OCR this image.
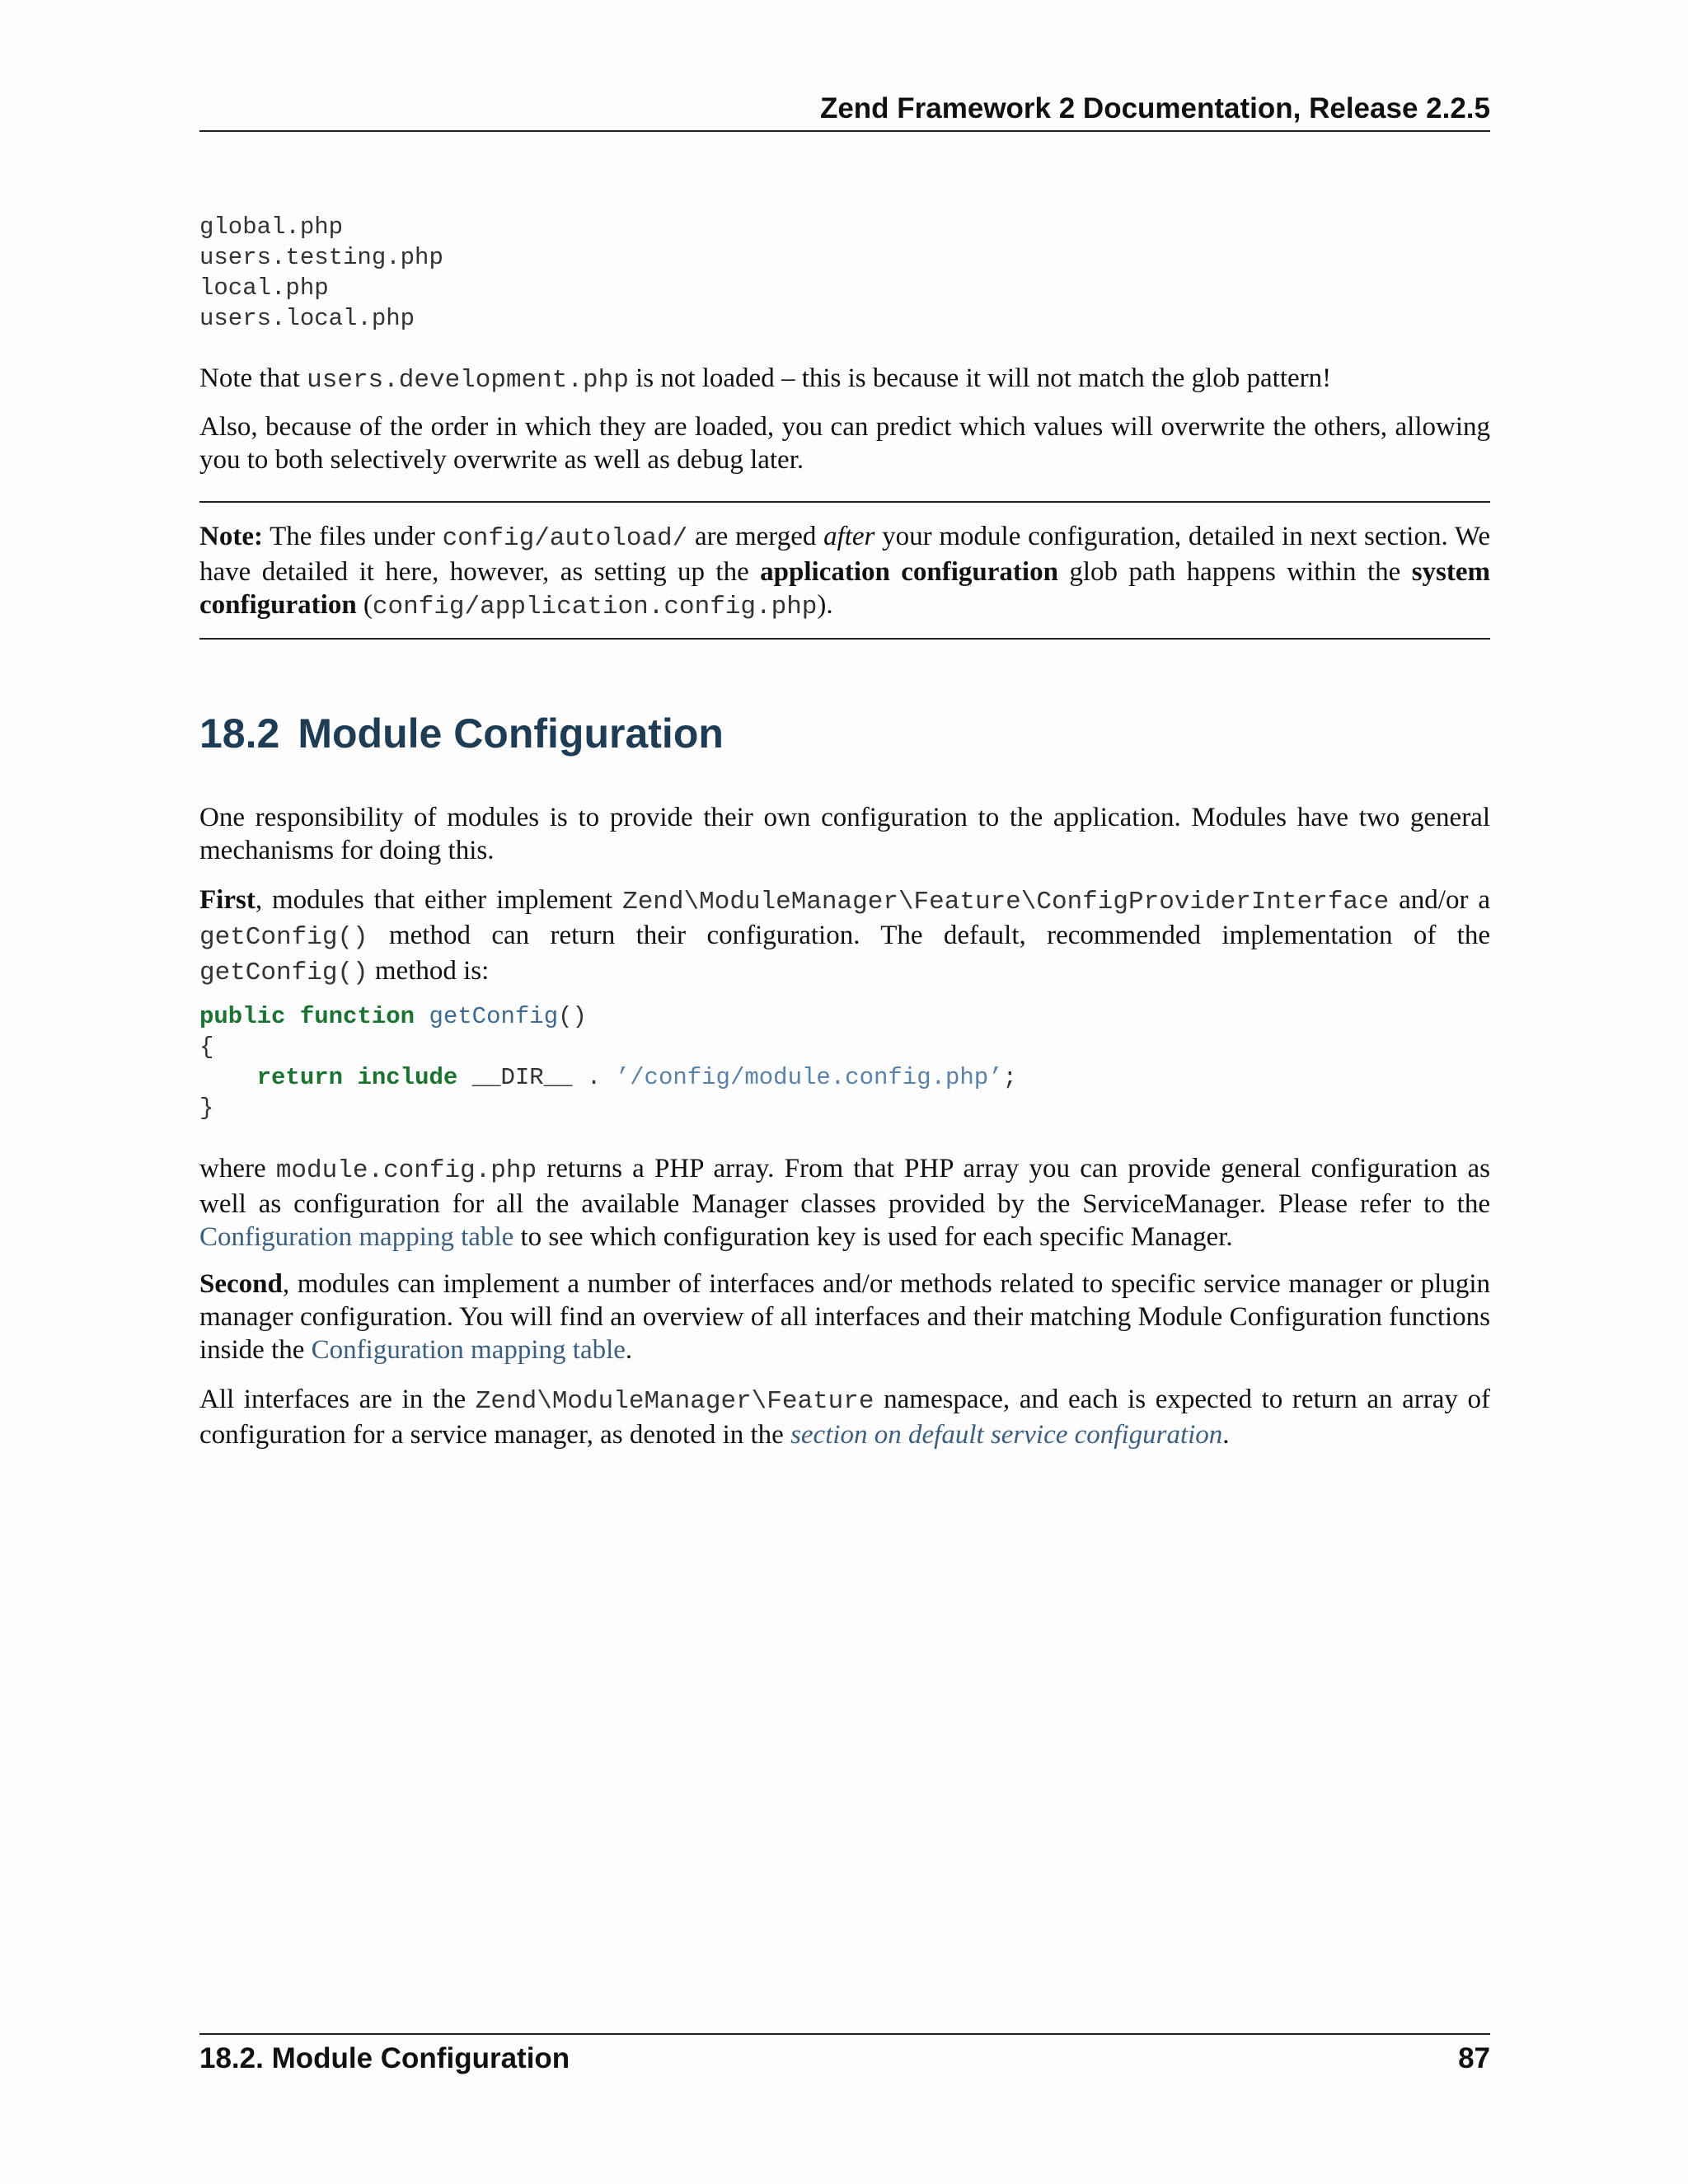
Zend Framework 2 Documentation, Release 2.2.5
global.php
users.testing.php
local.php
users.local.php

Note that users.development.php is not loaded – this is because it will not match the glob pattern!

Also, because of the order in which they are loaded, you can predict which values will overwrite the others, allowing you to both selectively overwrite as well as debug later.

Note: The files under config/autoload/ are merged after your module configuration, detailed in next section. We have detailed it here, however, as setting up the application configuration glob path happens within the system configuration (config/application.config.php).

18.2 Module Configuration

One responsibility of modules is to provide their own configuration to the application. Modules have two general mechanisms for doing this.

First, modules that either implement Zend\ModuleManager\Feature\ConfigProviderInterface and/or a getConfig() method can return their configuration. The default, recommended implementation of the getConfig() method is:

public function getConfig()
{
return include __DIR__ . ’/config/module.config.php’;
}

where module.config.php returns a PHP array. From that PHP array you can provide general configuration as well as configuration for all the available Manager classes provided by the ServiceManager. Please refer to the Configuration mapping table to see which configuration key is used for each specific Manager.

Second, modules can implement a number of interfaces and/or methods related to specific service manager or plugin manager configuration. You will find an overview of all interfaces and their matching Module Configuration functions inside the Configuration mapping table.

All interfaces are in the Zend\ModuleManager\Feature namespace, and each is expected to return an array of configuration for a service manager, as denoted in the section on default service configuration.

18.2. Module Configuration	87
